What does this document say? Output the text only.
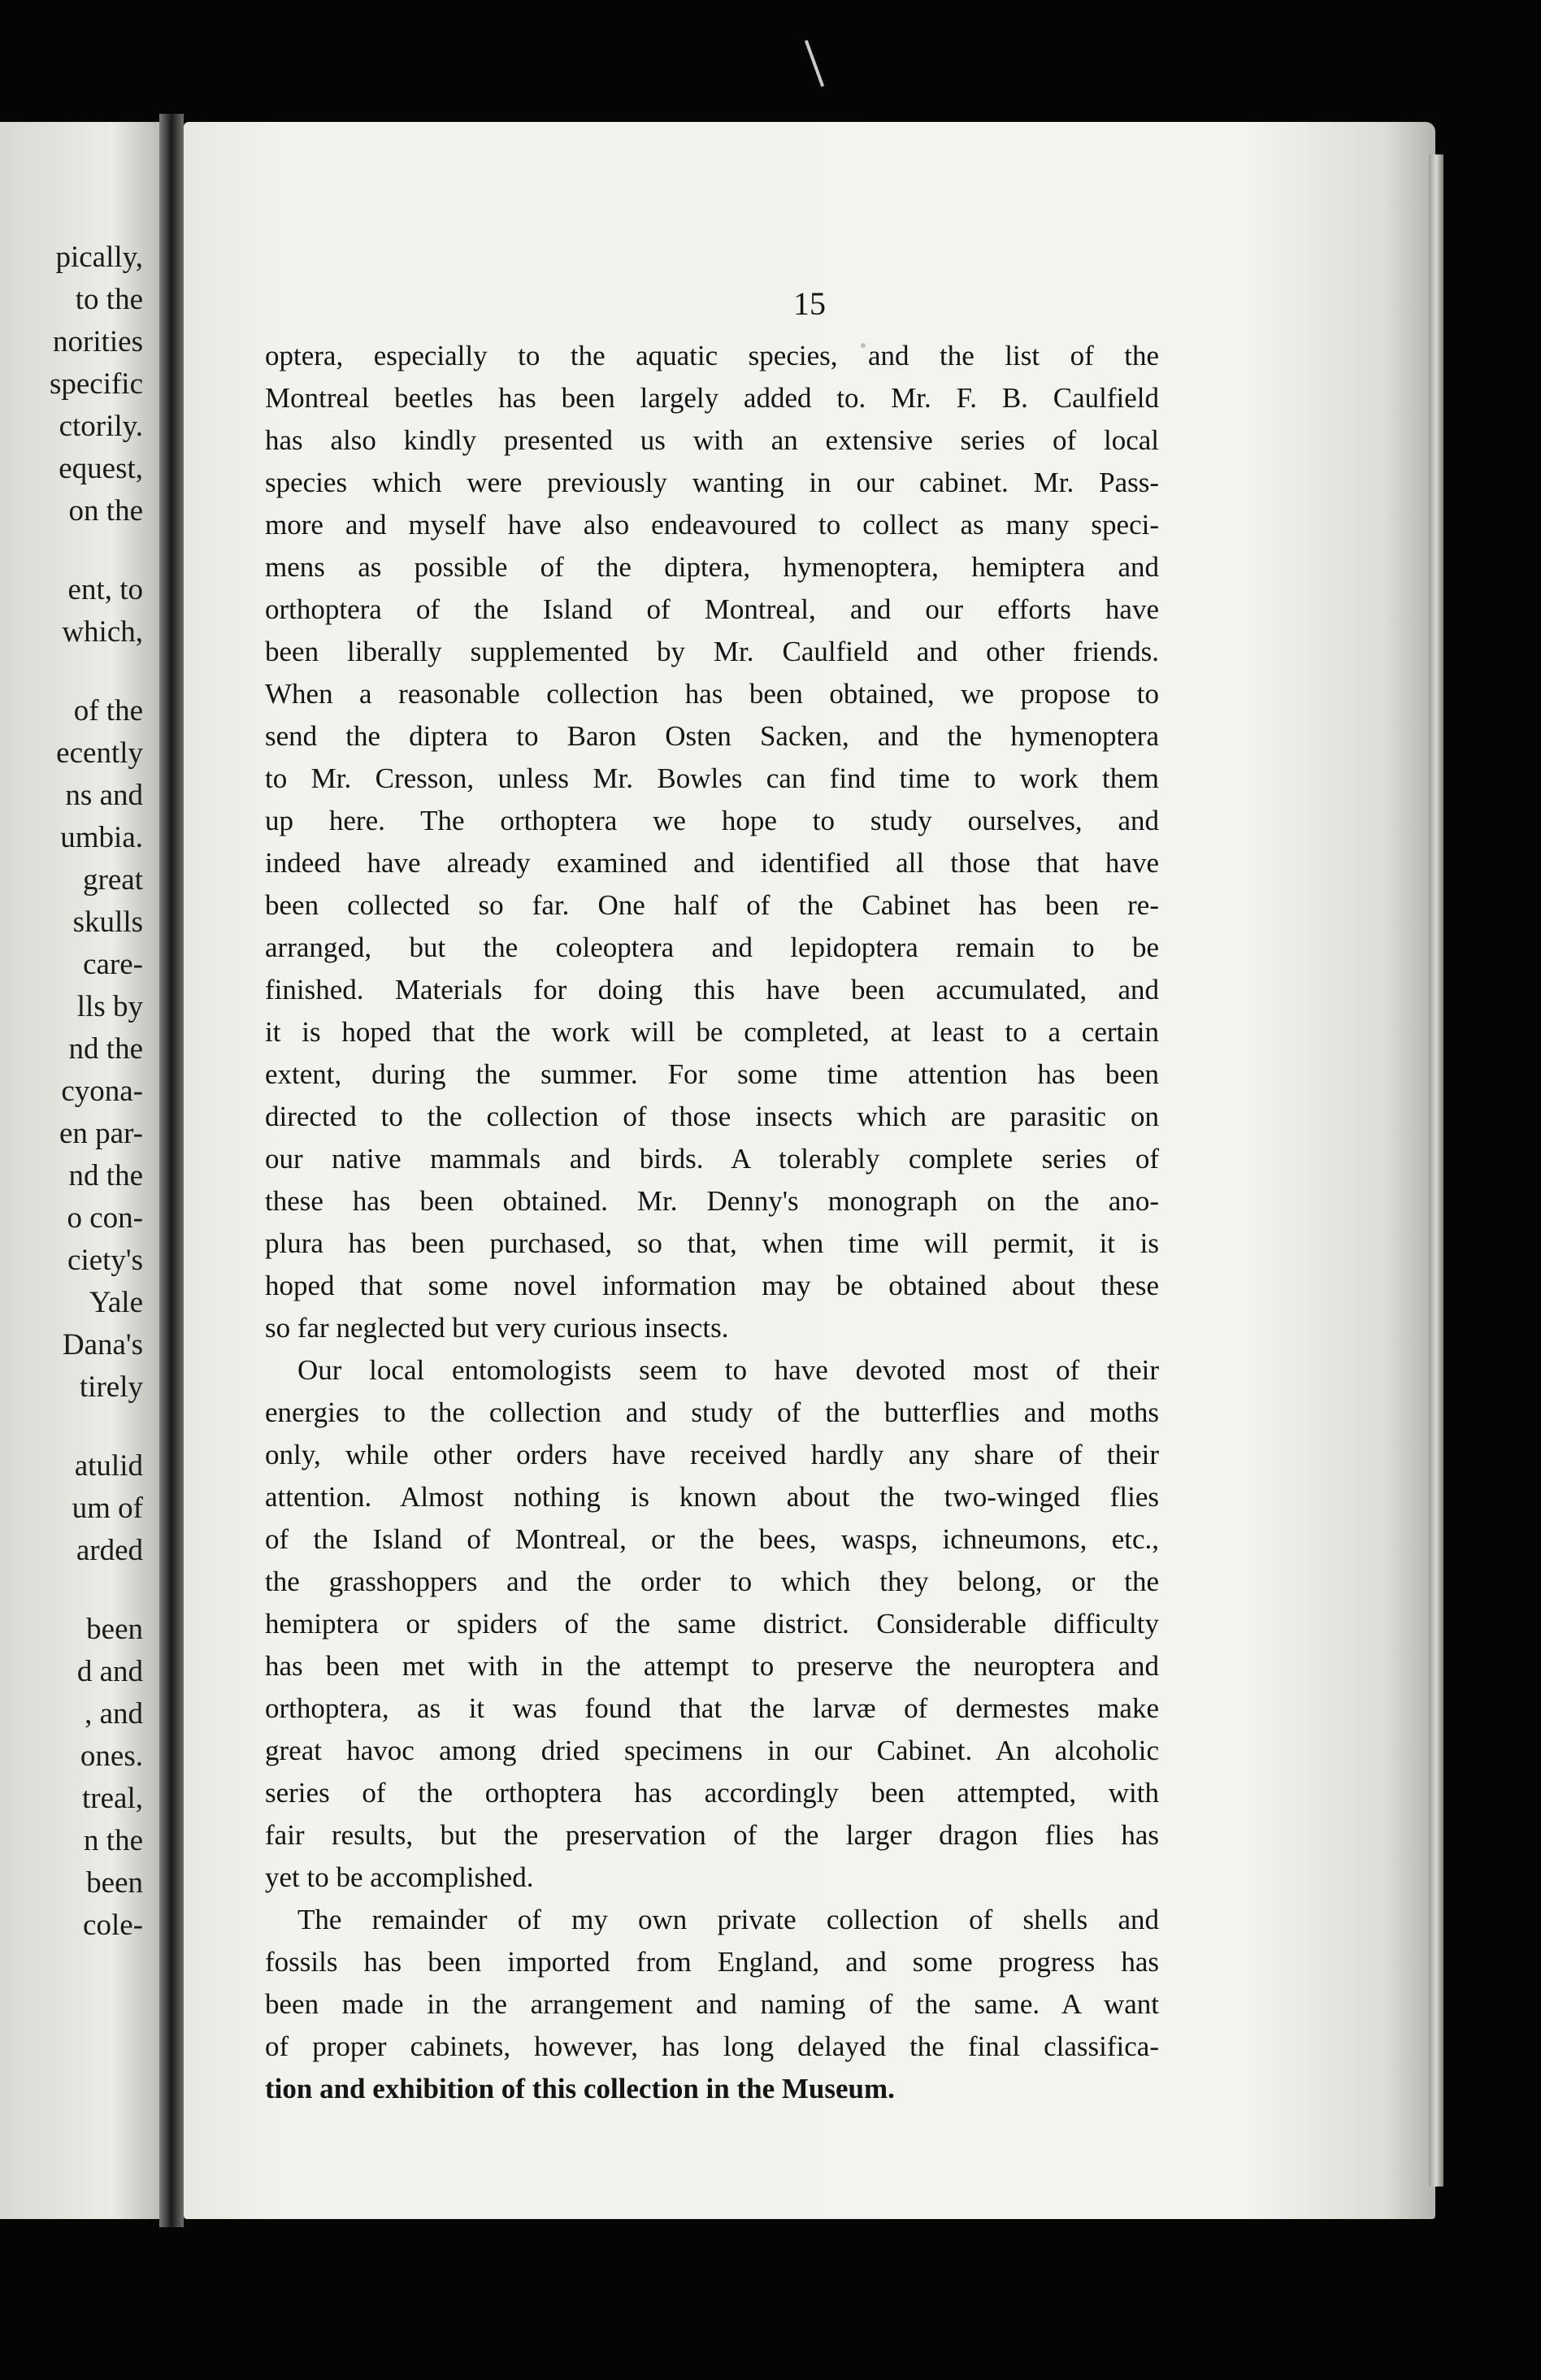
pically,
to the
norities
specific
ctorily.
equest,
on the
ent, to
which,
of the
ecently
ns and
umbia.
great
skulls
care-
lls by
nd the
cyona-
en par-
nd the
o con-
ciety's
Yale
Dana's
tirely
atulid
um of
arded
been
d and
, and
ones.
treal,
n the
been
cole-
15
optera, especially to the aquatic species, and the list of the
Montreal beetles has been largely added to. Mr. F. B. Caulfield
has also kindly presented us with an extensive series of local
species which were previously wanting in our cabinet. Mr. Pass-
more and myself have also endeavoured to collect as many speci-
mens as possible of the diptera, hymenoptera, hemiptera and
orthoptera of the Island of Montreal, and our efforts have
been liberally supplemented by Mr. Caulfield and other friends.
When a reasonable collection has been obtained, we propose to
send the diptera to Baron Osten Sacken, and the hymenoptera
to Mr. Cresson, unless Mr. Bowles can find time to work them
up here. The orthoptera we hope to study ourselves, and
indeed have already examined and identified all those that have
been collected so far. One half of the Cabinet has been re-
arranged, but the coleoptera and lepidoptera remain to be
finished. Materials for doing this have been accumulated, and
it is hoped that the work will be completed, at least to a certain
extent, during the summer. For some time attention has been
directed to the collection of those insects which are parasitic on
our native mammals and birds. A tolerably complete series of
these has been obtained. Mr. Denny's monograph on the ano-
plura has been purchased, so that, when time will permit, it is
hoped that some novel information may be obtained about these
so far neglected but very curious insects.
Our local entomologists seem to have devoted most of their
energies to the collection and study of the butterflies and moths
only, while other orders have received hardly any share of their
attention. Almost nothing is known about the two-winged flies
of the Island of Montreal, or the bees, wasps, ichneumons, etc.,
the grasshoppers and the order to which they belong, or the
hemiptera or spiders of the same district. Considerable difficulty
has been met with in the attempt to preserve the neuroptera and
orthoptera, as it was found that the larvæ of dermestes make
great havoc among dried specimens in our Cabinet. An alcoholic
series of the orthoptera has accordingly been attempted, with
fair results, but the preservation of the larger dragon flies has
yet to be accomplished.
The remainder of my own private collection of shells and
fossils has been imported from England, and some progress has
been made in the arrangement and naming of the same. A want
of proper cabinets, however, has long delayed the final classifica-
tion and exhibition of this collection in the Museum.
